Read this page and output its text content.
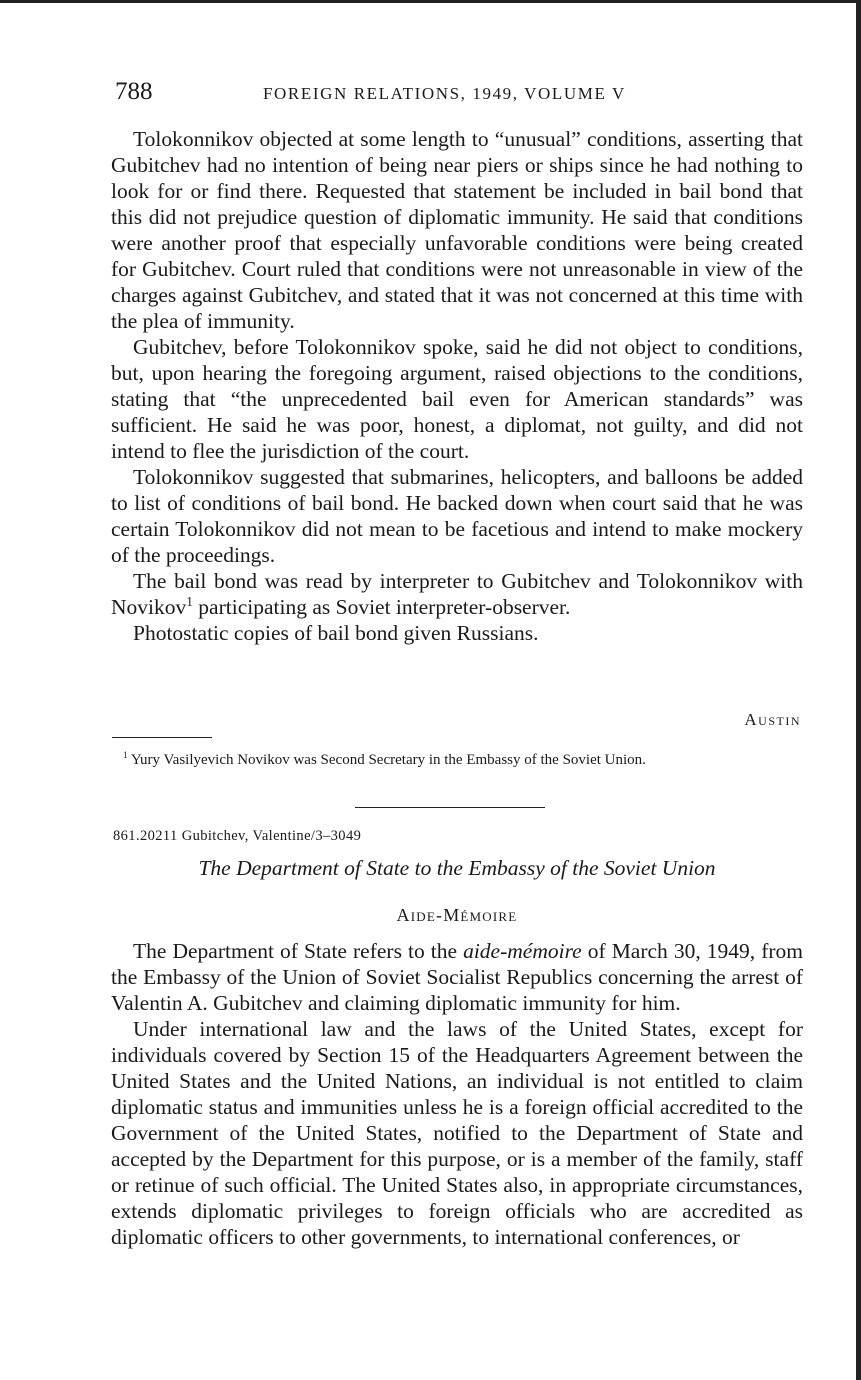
788	FOREIGN RELATIONS, 1949, VOLUME V

Tolokonnikov objected at some length to “unusual” conditions, asserting that Gubitchev had no intention of being near piers or ships since he had nothing to look for or find there. Requested that statement be included in bail bond that this did not prejudice question of diplomatic immunity. He said that conditions were another proof that especially unfavorable conditions were being created for Gubitchev. Court ruled that conditions were not unreasonable in view of the charges against Gubitchev, and stated that it was not concerned at this time with the plea of immunity.

Gubitchev, before Tolokonnikov spoke, said he did not object to conditions, but, upon hearing the foregoing argument, raised objections to the conditions, stating that “the unprecedented bail even for American standards” was sufficient. He said he was poor, honest, a diplomat, not guilty, and did not intend to flee the jurisdiction of the court.

Tolokonnikov suggested that submarines, helicopters, and balloons be added to list of conditions of bail bond. He backed down when court said that he was certain Tolokonnikov did not mean to be facetious and intend to make mockery of the proceedings.

The bail bond was read by interpreter to Gubitchev and Tolokonnikov with Novikov$^1$ participating as Soviet interpreter-observer.

Photostatic copies of bail bond given Russians.

Austin
$^1$ Yury Vasilyevich Novikov was Second Secretary in the Embassy of the Soviet Union.
861.20211 Gubitchev, Valentine/3–3049
The Department of State to the Embassy of the Soviet Union
Aide-Mémoire

The Department of State refers to the aide-mémoire of March 30, 1949, from the Embassy of the Union of Soviet Socialist Republics concerning the arrest of Valentin A. Gubitchev and claiming diplomatic immunity for him.

Under international law and the laws of the United States, except for individuals covered by Section 15 of the Headquarters Agreement between the United States and the United Nations, an individual is not entitled to claim diplomatic status and immunities unless he is a foreign official accredited to the Government of the United States, notified to the Department of State and accepted by the Department for this purpose, or is a member of the family, staff or retinue of such official. The United States also, in appropriate circumstances, extends diplomatic privileges to foreign officials who are accredited as diplomatic officers to other governments, to international conferences, or
